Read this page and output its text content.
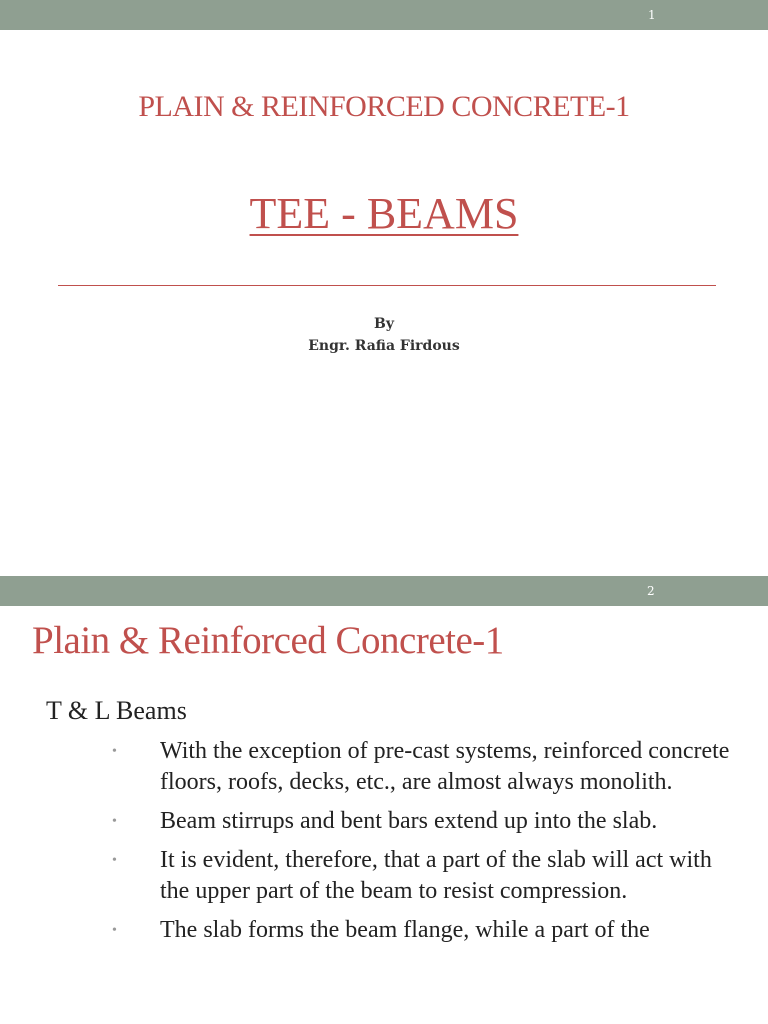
1
PLAIN & REINFORCED CONCRETE-1
TEE - BEAMS
By
Engr. Rafia Firdous
2
Plain & Reinforced Concrete-1
T & L Beams
• With the exception of pre-cast systems, reinforced concrete floors, roofs, decks, etc., are almost always monolith.
• Beam stirrups and bent bars extend up into the slab.
• It is evident, therefore, that a part of the slab will act with the upper part of the beam to resist compression.
• The slab forms the beam flange, while a part of the
